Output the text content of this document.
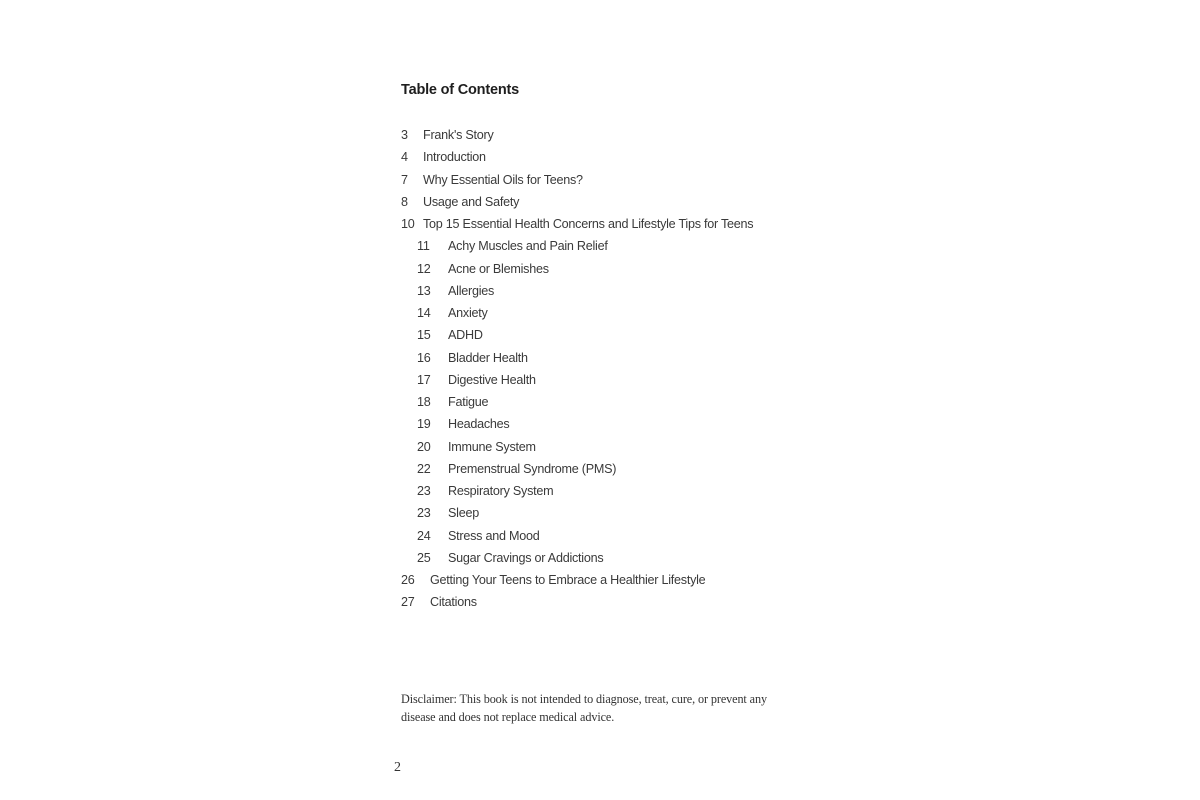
Table of Contents
3	Frank's Story
4	Introduction
7	Why Essential Oils for Teens?
8	Usage and Safety
10 Top 15 Essential Health Concerns and Lifestyle Tips for Teens
11	Achy Muscles and Pain Relief
12	Acne or Blemishes
13	Allergies
14	Anxiety
15	ADHD
16	Bladder Health
17	Digestive Health
18	Fatigue
19	Headaches
20	Immune System
22	Premenstrual Syndrome (PMS)
23	Respiratory System
23	Sleep
24	Stress and Mood
25	Sugar Cravings or Addictions
26	Getting Your Teens to Embrace a Healthier Lifestyle
27	Citations

Disclaimer: This book is not intended to diagnose, treat, cure, or prevent any disease and does not replace medical advice.

2
